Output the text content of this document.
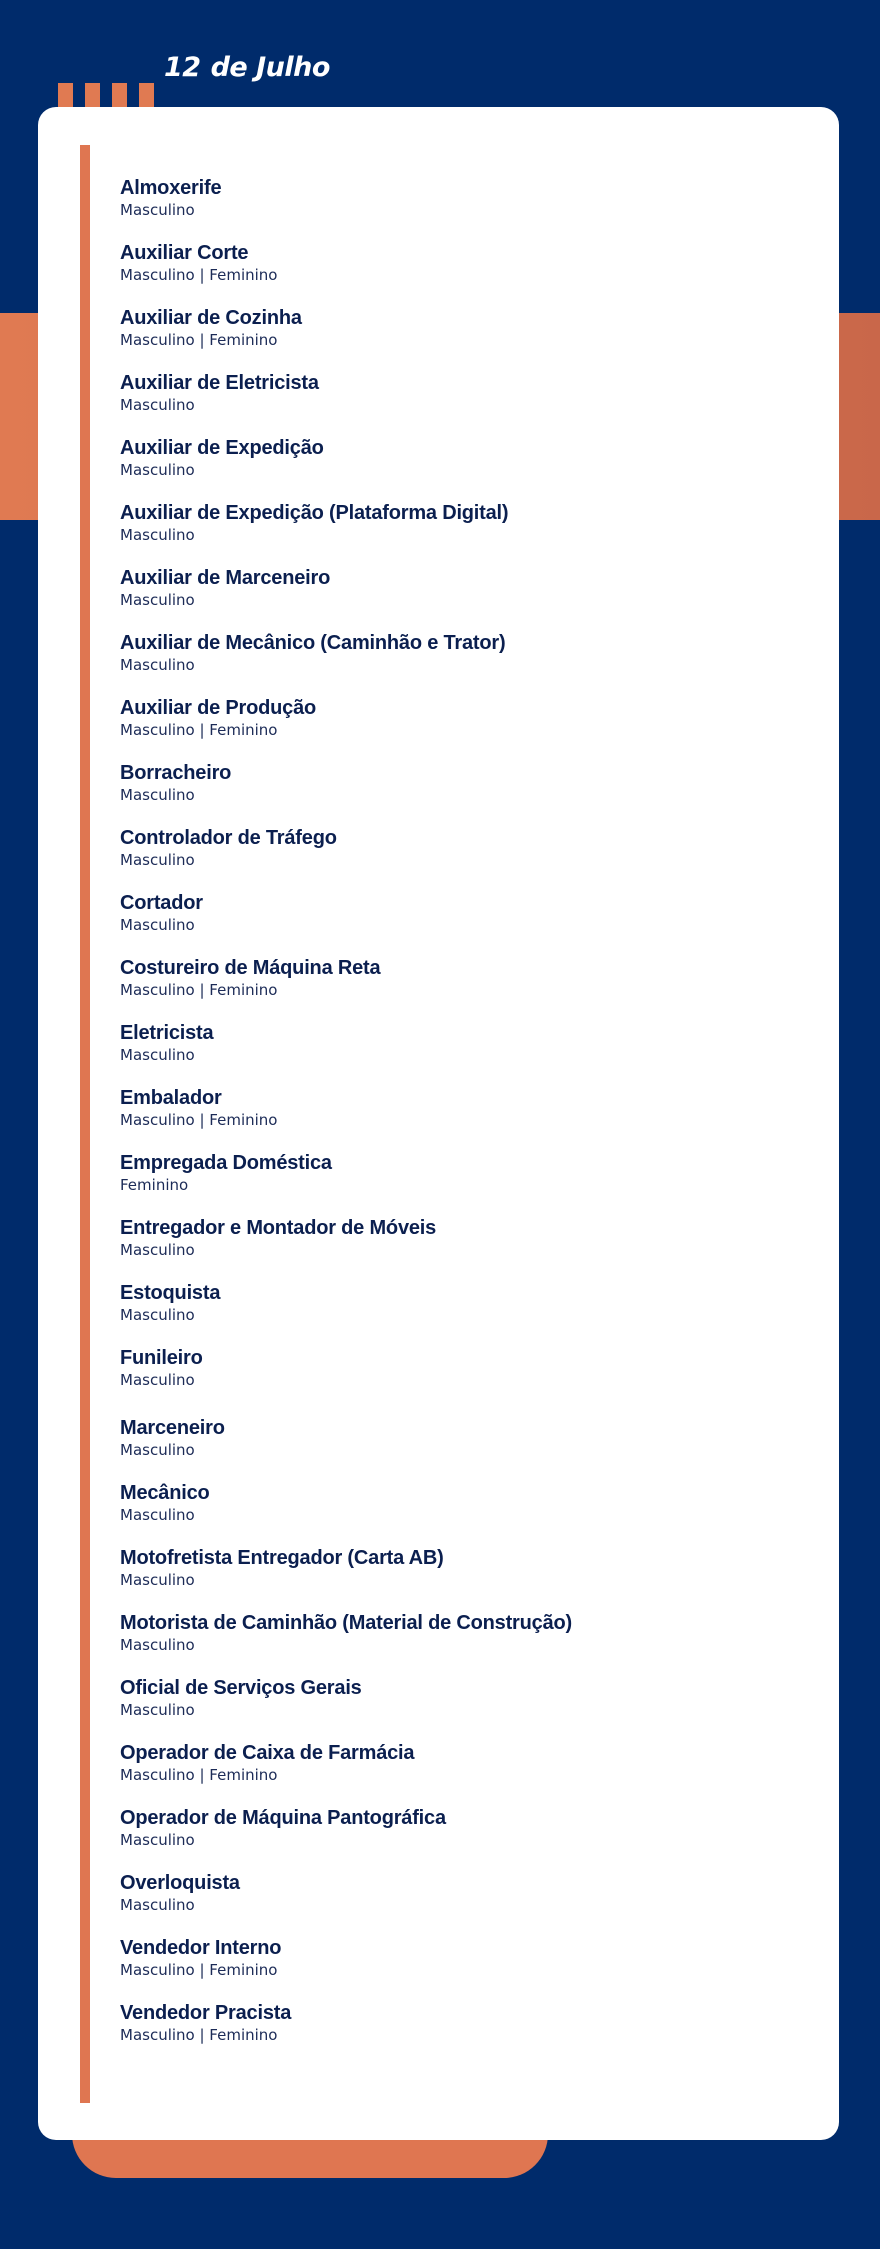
12 de Julho
Almoxerife
Masculino
Auxiliar Corte
Masculino | Feminino
Auxiliar de Cozinha
Masculino | Feminino
Auxiliar de Eletricista
Masculino
Auxiliar de Expedição
Masculino
Auxiliar de Expedição (Plataforma Digital)
Masculino
Auxiliar de Marceneiro
Masculino
Auxiliar de Mecânico (Caminhão e Trator)
Masculino
Auxiliar de Produção
Masculino | Feminino
Borracheiro
Masculino
Controlador de Tráfego
Masculino
Cortador
Masculino
Costureiro de Máquina Reta
Masculino | Feminino
Eletricista
Masculino
Embalador
Masculino | Feminino
Empregada Doméstica
Feminino
Entregador e Montador de Móveis
Masculino
Estoquista
Masculino
Funileiro
Masculino
Marceneiro
Masculino
Mecânico
Masculino
Motofretista Entregador (Carta AB)
Masculino
Motorista de Caminhão (Material de Construção)
Masculino
Oficial de Serviços Gerais
Masculino
Operador de Caixa de Farmácia
Masculino | Feminino
Operador de Máquina Pantográfica
Masculino
Overloquista
Masculino
Vendedor Interno
Masculino | Feminino
Vendedor Pracista
Masculino | Feminino
